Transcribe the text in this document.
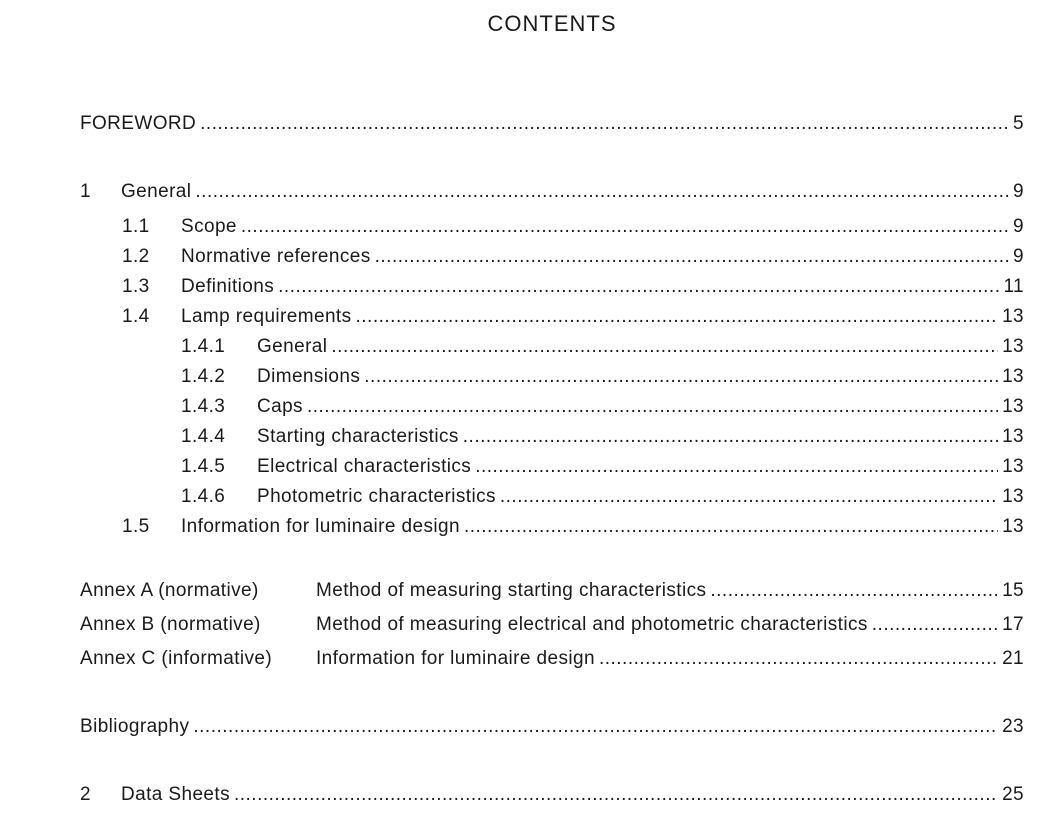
CONTENTS
FOREWORD .....	5
1	General .....	9
1.1	Scope .....	9
1.2	Normative references .....	9
1.3	Definitions .....	11
1.4	Lamp requirements .....	13
1.4.1	General .....	13
1.4.2	Dimensions .....	13
1.4.3	Caps .....	13
1.4.4	Starting characteristics .....	13
1.4.5	Electrical characteristics .....	13
1.4.6	Photometric characteristics .....	13
1.5	Information for luminaire design .....	13
Annex A (normative)	Method of measuring starting characteristics .....	15
Annex B (normative)	Method of measuring electrical and photometric characteristics .....	17
Annex C (informative)	Information for luminaire design .....	21
Bibliography .....	23
2	Data Sheets .....	25
